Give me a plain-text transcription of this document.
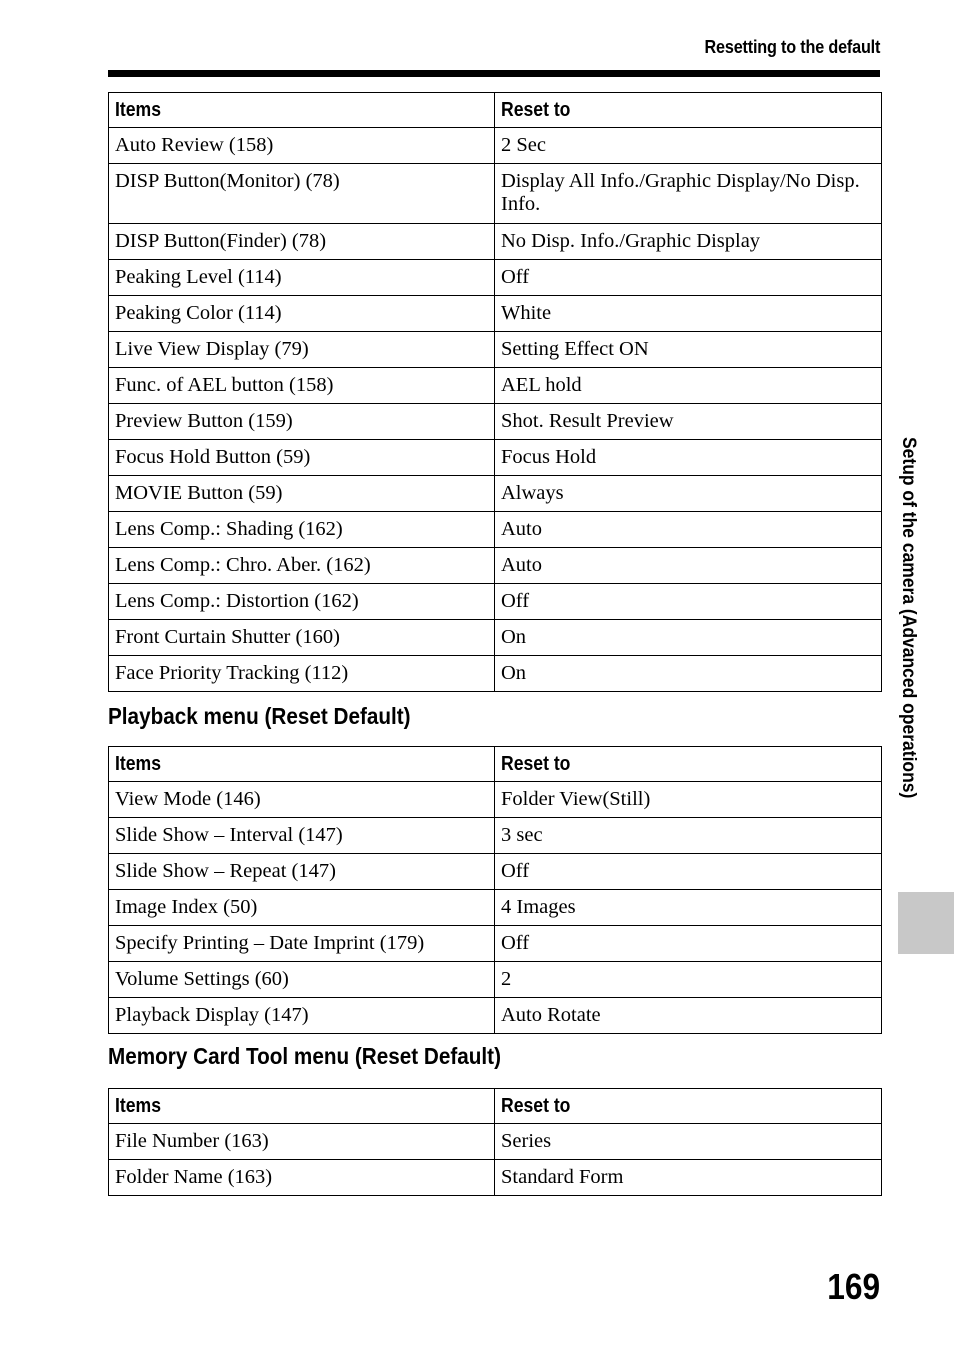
Resetting to the default
Items	Reset to
Auto Review (158)	2 Sec
DISP Button(Monitor) (78)	Display All Info./Graphic Display/No Disp. Info.
DISP Button(Finder) (78)	No Disp. Info./Graphic Display
Peaking Level (114)	Off
Peaking Color (114)	White
Live View Display (79)	Setting Effect ON
Func. of AEL button (158)	AEL hold
Preview Button (159)	Shot. Result Preview
Focus Hold Button (59)	Focus Hold
MOVIE Button (59)	Always
Lens Comp.: Shading (162)	Auto
Lens Comp.: Chro. Aber. (162)	Auto
Lens Comp.: Distortion (162)	Off
Front Curtain Shutter (160)	On
Face Priority Tracking (112)	On
Playback menu (Reset Default)
Items	Reset to
View Mode (146)	Folder View(Still)
Slide Show – Interval (147)	3 sec
Slide Show – Repeat (147)	Off
Image Index (50)	4 Images
Specify Printing – Date Imprint (179)	Off
Volume Settings (60)	2
Playback Display (147)	Auto Rotate
Memory Card Tool menu (Reset Default)
Items	Reset to
File Number (163)	Series
Folder Name (163)	Standard Form
Setup of the camera (Advanced operations)
169
